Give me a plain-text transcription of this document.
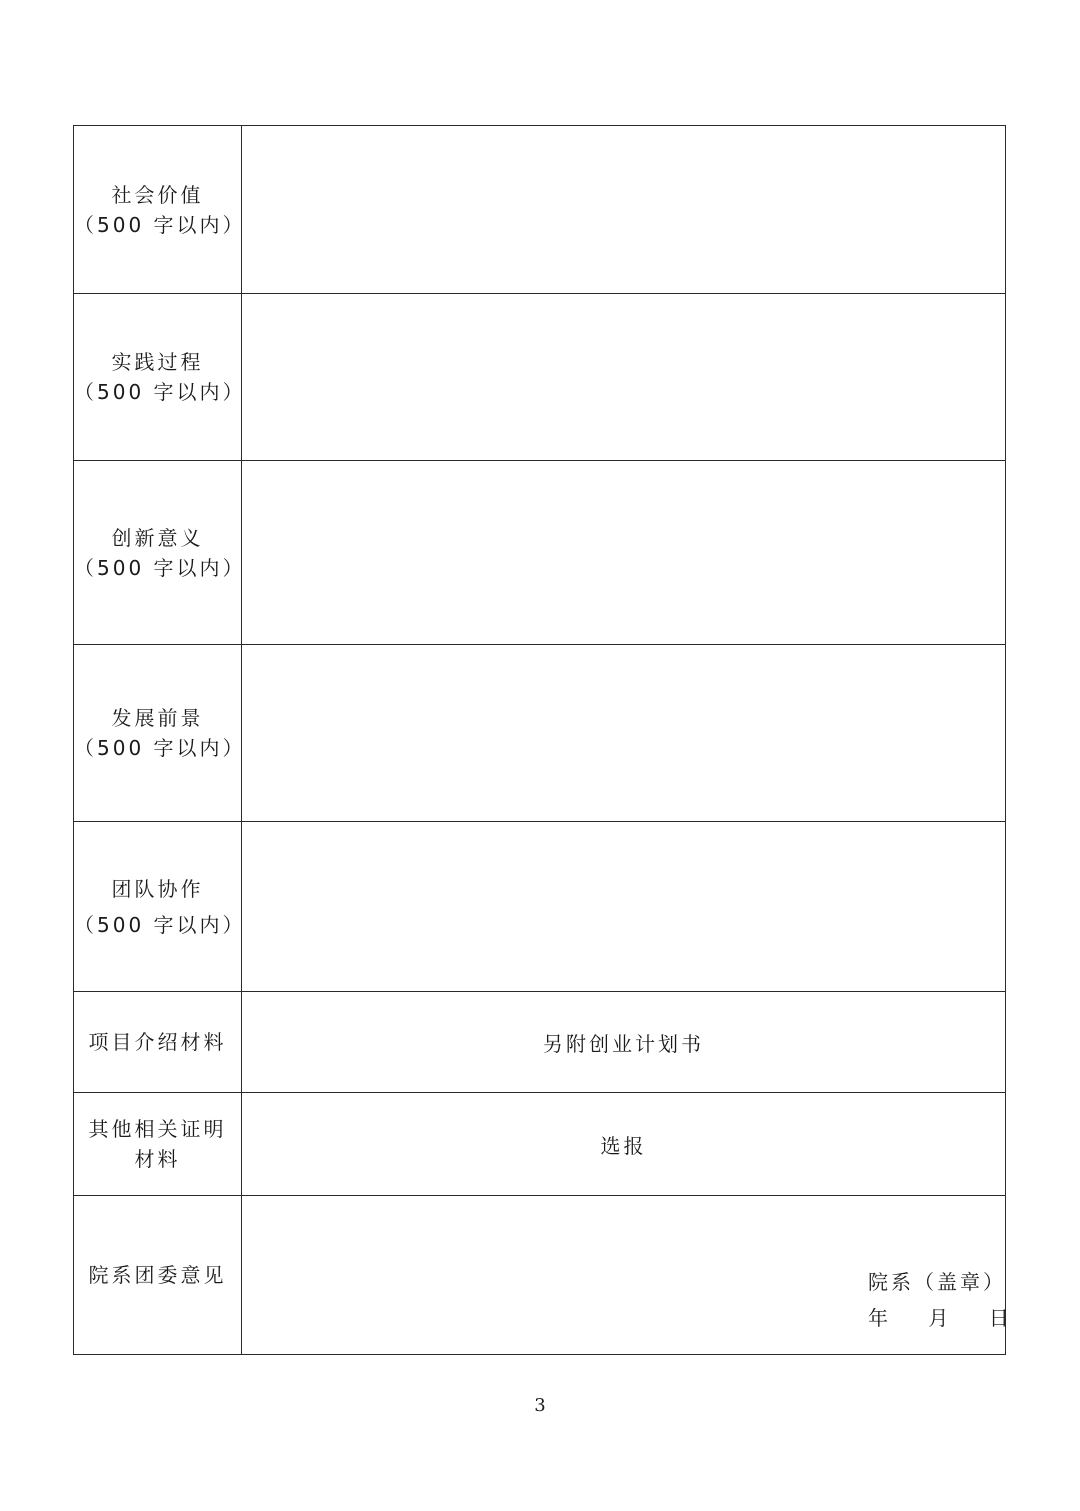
社会价值
（500 字以内）	

实践过程
（500 字以内）	

创新意义
（500 字以内）	

发展前景
（500 字以内）	

团队协作
（500 字以内）	

项目介绍材料	另附创业计划书

其他相关证明
材料	选报
院系团委意见	院系（盖章）
年    月    日
3
